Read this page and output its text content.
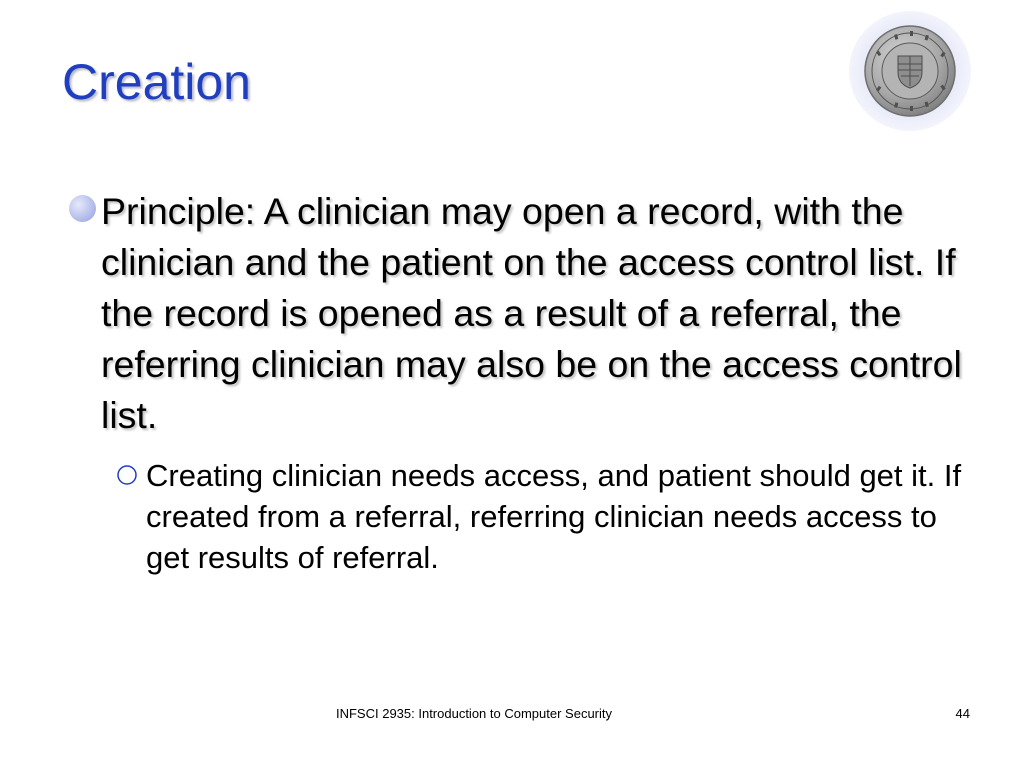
Creation
Principle: A clinician may open a record, with the clinician and the patient on the access control list. If the record is opened as a result of a referral, the referring clinician may also be on the access control list.
Creating clinician needs access, and patient should get it. If created from a referral, referring clinician needs access to get results of referral.
INFSCI 2935: Introduction to Computer Security	44
